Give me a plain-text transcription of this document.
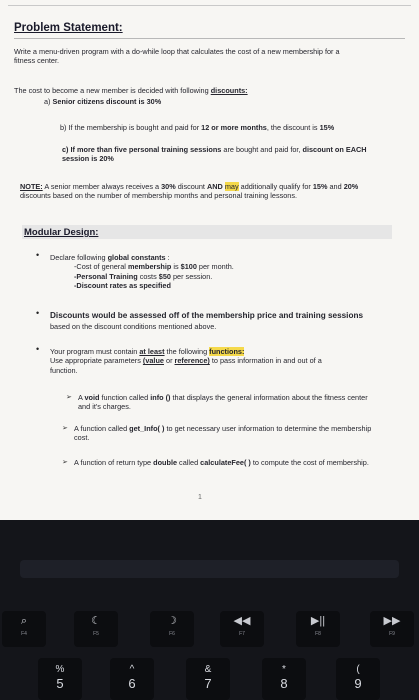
Problem Statement:
Write a menu-driven program with a do-while loop that calculates the cost of a new membership for a fitness center.
The cost to become a new member is decided with following discounts:
a) Senior citizens discount is 30%
b) If the membership is bought and paid for 12 or more months, the discount is 15%
c) If more than five personal training sessions are bought and paid for, discount on EACH session is 20%
NOTE: A senior member always receives a 30% discount AND may additionally qualify for 15% and 20% discounts based on the number of membership months and personal training lessons.
Modular Design:
• Declare following global constants :
-Cost of general membership is $100 per month.
-Personal Training costs $50 per session.
-Discount rates as specified
• Discounts would be assessed off of the membership price and training sessions based on the discount conditions mentioned above.
• Your program must contain at least the following functions:
Use appropriate parameters (value or reference) to pass information in and out of a function.
➢ A void function called info () that displays the general information about the fitness center and it's charges.
➢ A function called get_Info( ) to get necessary user information to determine the membership cost.
➢ A function of return type double called calculateFee( ) to compute the cost of membership.
1
⌕
F4
☾
F5
☽
F6
◀◀
F7
▶||
F8
▶▶
F9
%
5
^
6
&
7
*
8
(
9
